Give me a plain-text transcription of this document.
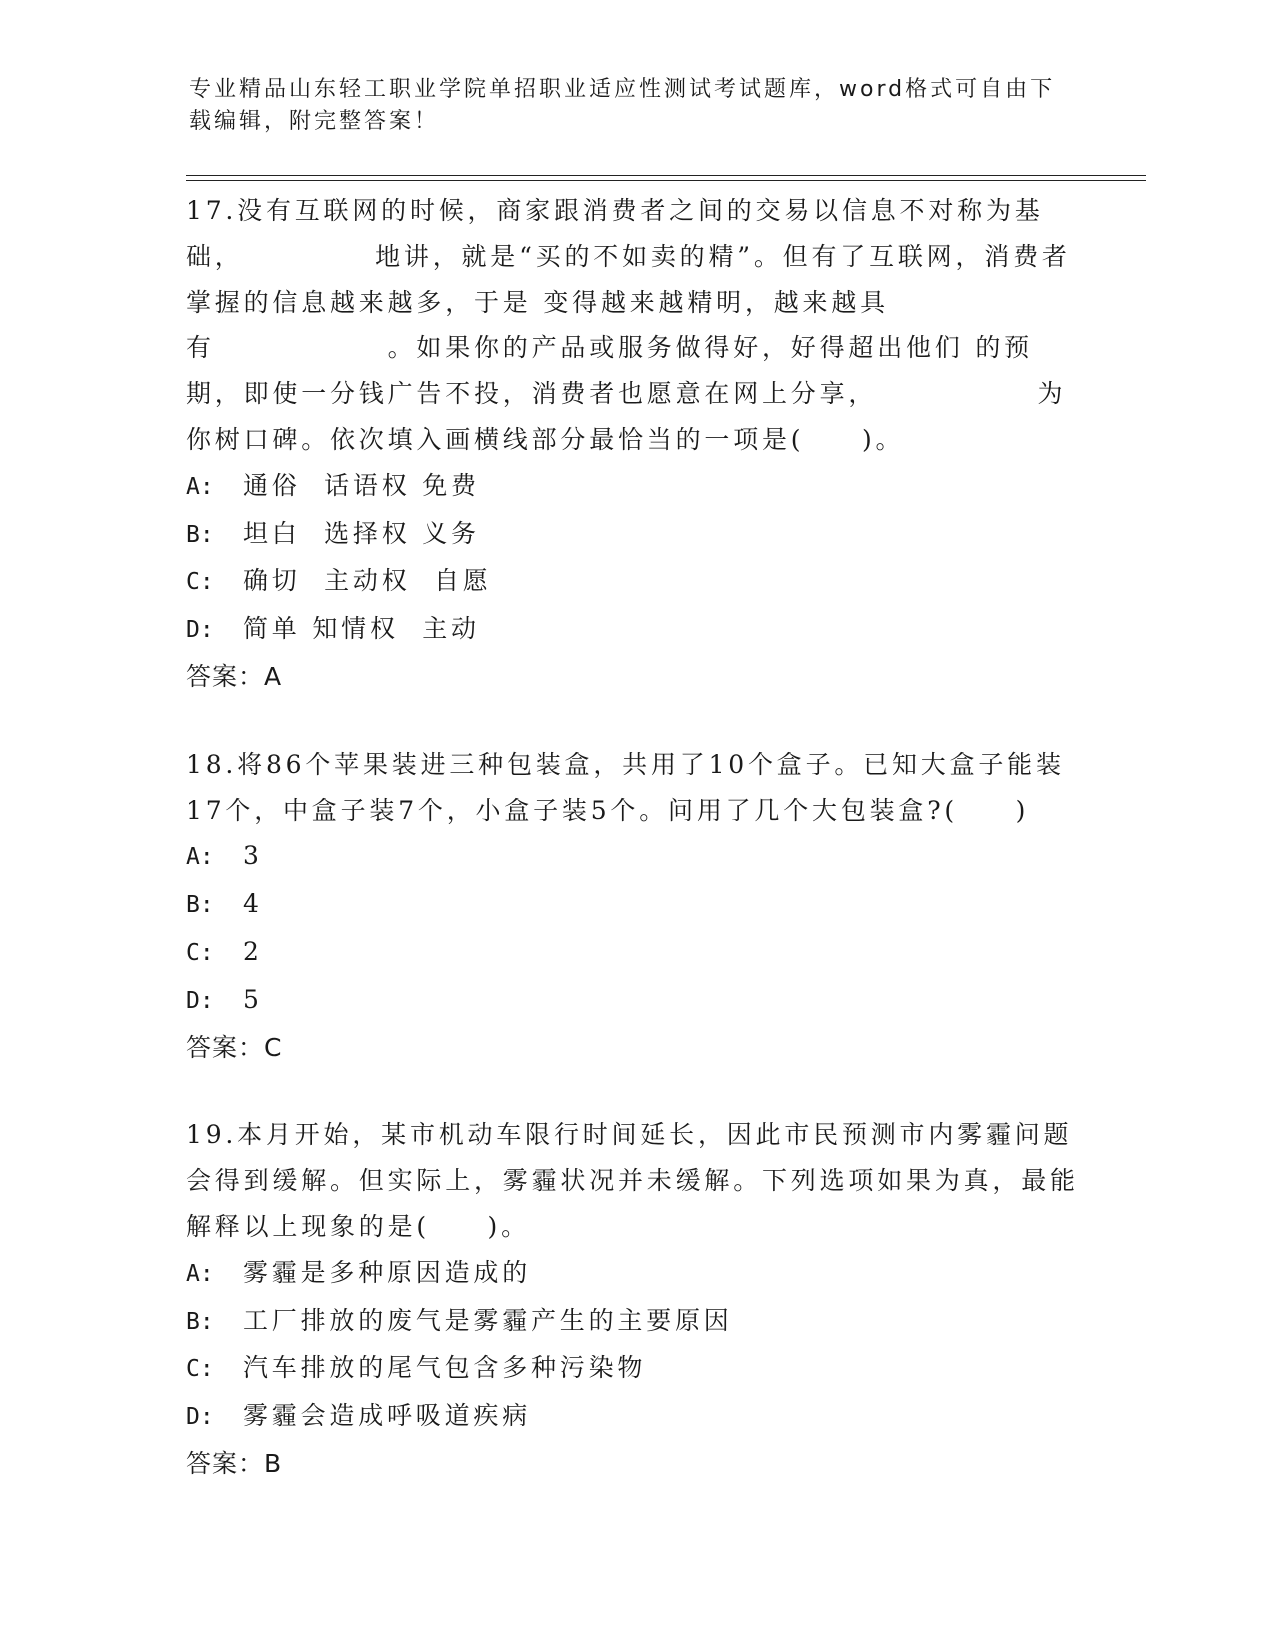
专业精品山东轻工职业学院单招职业适应性测试考试题库，word格式可自由下载编辑，附完整答案！
17.没有互联网的时候，商家跟消费者之间的交易以信息不对称为基础，　　　　　地讲，就是“买的不如卖的精”。但有了互联网，消费者掌握的信息越来越多，于是 变得越来越精明，越来越具有　　　　　　。如果你的产品或服务做得好，好得超出他们 的预期，即使一分钱广告不投，消费者也愿意在网上分享，　　　　　　为你树口碑。依次填入画横线部分最恰当的一项是(　　)。
A:	通俗  话语权 免费
B:	坦白  选择权 义务
C:	确切  主动权  自愿
D:	简单 知情权  主动
答案：A
18.将86个苹果装进三种包装盒，共用了10个盒子。已知大盒子能装17个，中盒子装7个，小盒子装5个。问用了几个大包装盒?(　　)
A:	3
B:	4
C:	2
D:	5
答案：C
19.本月开始，某市机动车限行时间延长，因此市民预测市内雾霾问题会得到缓解。但实际上，雾霾状况并未缓解。下列选项如果为真，最能解释以上现象的是(　　)。
A:	雾霾是多种原因造成的
B:	工厂排放的废气是雾霾产生的主要原因
C:	汽车排放的尾气包含多种污染物
D:	雾霾会造成呼吸道疾病
答案：B
